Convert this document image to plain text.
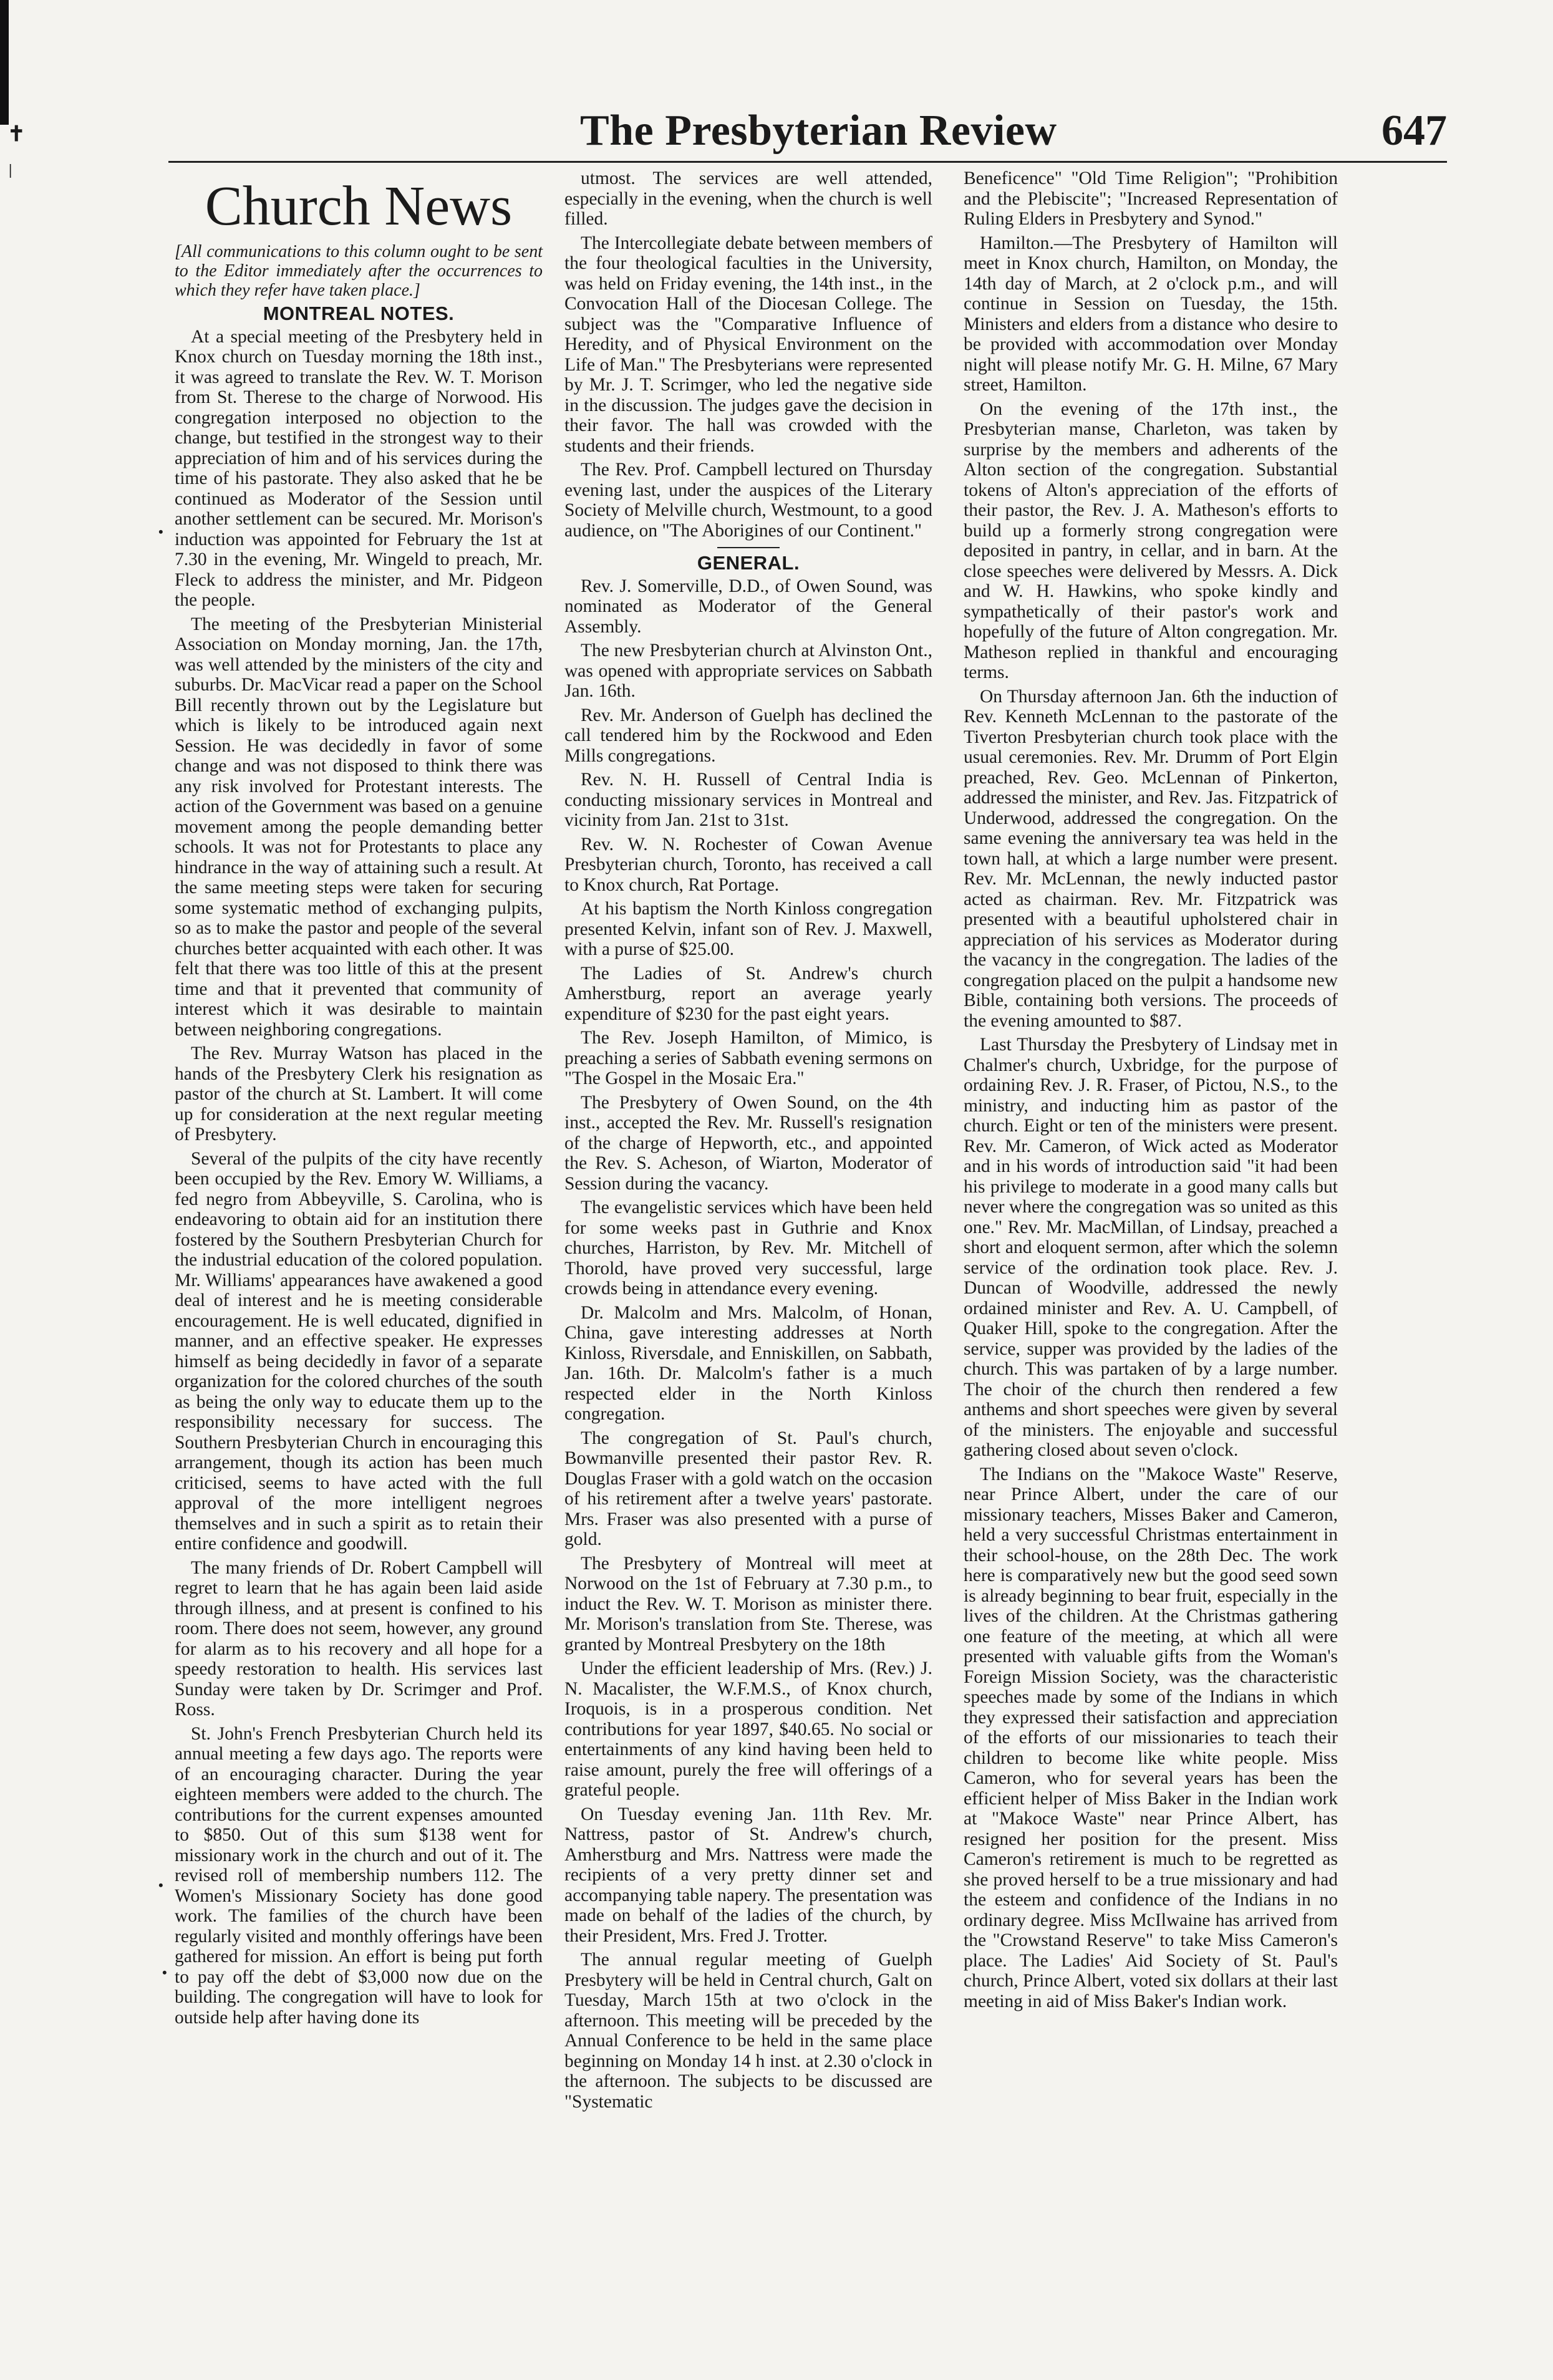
✝
|
•
•
•
The Presbyterian Review	647
Church News
[All communications to this column ought to be sent to the Editor immediately after the occurrences to which they refer have taken place.]
MONTREAL NOTES.

At a special meeting of the Presbytery held in Knox church on Tuesday morning the 18th inst., it was agreed to translate the Rev. W. T. Morison from St. Therese to the charge of Norwood. His congregation interposed no objection to the change, but testified in the strongest way to their appreciation of him and of his services during the time of his pastorate. They also asked that he be continued as Moderator of the Session until another settlement can be secured. Mr. Morison's induction was appointed for February the 1st at 7.30 in the evening, Mr. Wingeld to preach, Mr. Fleck to address the minister, and Mr. Pidgeon the people.

The meeting of the Presbyterian Ministerial Association on Monday morning, Jan. the 17th, was well attended by the ministers of the city and suburbs. Dr. MacVicar read a paper on the School Bill recently thrown out by the Legislature but which is likely to be introduced again next Session. He was decidedly in favor of some change and was not disposed to think there was any risk involved for Protestant interests. The action of the Government was based on a genuine movement among the people demanding better schools. It was not for Protestants to place any hindrance in the way of attaining such a result. At the same meeting steps were taken for securing some systematic method of exchanging pulpits, so as to make the pastor and people of the several churches better acquainted with each other. It was felt that there was too little of this at the present time and that it prevented that community of interest which it was desirable to maintain between neighboring congregations.

The Rev. Murray Watson has placed in the hands of the Presbytery Clerk his resignation as pastor of the church at St. Lambert. It will come up for consideration at the next regular meeting of Presbytery.

Several of the pulpits of the city have recently been occupied by the Rev. Emory W. Williams, a fed negro from Abbeyville, S. Carolina, who is endeavoring to obtain aid for an institution there fostered by the Southern Presbyterian Church for the industrial education of the colored population. Mr. Williams' appearances have awakened a good deal of interest and he is meeting considerable encouragement. He is well educated, dignified in manner, and an effective speaker. He expresses himself as being decidedly in favor of a separate organization for the colored churches of the south as being the only way to educate them up to the responsibility necessary for success. The Southern Presbyterian Church in encouraging this arrangement, though its action has been much criticised, seems to have acted with the full approval of the more intelligent negroes themselves and in such a spirit as to retain their entire confidence and goodwill.

The many friends of Dr. Robert Campbell will regret to learn that he has again been laid aside through illness, and at present is confined to his room. There does not seem, however, any ground for alarm as to his recovery and all hope for a speedy restoration to health. His services last Sunday were taken by Dr. Scrimger and Prof. Ross.

St. John's French Presbyterian Church held its annual meeting a few days ago. The reports were of an encouraging character. During the year eighteen members were added to the church. The contributions for the current expenses amounted to $850. Out of this sum $138 went for missionary work in the church and out of it. The revised roll of membership numbers 112. The Women's Missionary Society has done good work. The families of the church have been regularly visited and monthly offerings have been gathered for mission. An effort is being put forth to pay off the debt of $3,000 now due on the building. The congregation will have to look for outside help after having done its

utmost. The services are well attended, especially in the evening, when the church is well filled.

The Intercollegiate debate between members of the four theological faculties in the University, was held on Friday evening, the 14th inst., in the Convocation Hall of the Diocesan College. The subject was the "Comparative Influence of Heredity, and of Physical Environment on the Life of Man." The Presbyterians were represented by Mr. J. T. Scrimger, who led the negative side in the discussion. The judges gave the decision in their favor. The hall was crowded with the students and their friends.

The Rev. Prof. Campbell lectured on Thursday evening last, under the auspices of the Literary Society of Melville church, Westmount, to a good audience, on "The Aborigines of our Continent."

GENERAL.

Rev. J. Somerville, D.D., of Owen Sound, was nominated as Moderator of the General Assembly.

The new Presbyterian church at Alvinston Ont., was opened with appropriate services on Sabbath Jan. 16th.

Rev. Mr. Anderson of Guelph has declined the call tendered him by the Rockwood and Eden Mills congregations.

Rev. N. H. Russell of Central India is conducting missionary services in Montreal and vicinity from Jan. 21st to 31st.

Rev. W. N. Rochester of Cowan Avenue Presbyterian church, Toronto, has received a call to Knox church, Rat Portage.

At his baptism the North Kinloss congregation presented Kelvin, infant son of Rev. J. Maxwell, with a purse of $25.00.

The Ladies of St. Andrew's church Amherstburg, report an average yearly expenditure of $230 for the past eight years.

The Rev. Joseph Hamilton, of Mimico, is preaching a series of Sabbath evening sermons on "The Gospel in the Mosaic Era."

The Presbytery of Owen Sound, on the 4th inst., accepted the Rev. Mr. Russell's resignation of the charge of Hepworth, etc., and appointed the Rev. S. Acheson, of Wiarton, Moderator of Session during the vacancy.

The evangelistic services which have been held for some weeks past in Guthrie and Knox churches, Harriston, by Rev. Mr. Mitchell of Thorold, have proved very successful, large crowds being in attendance every evening.

Dr. Malcolm and Mrs. Malcolm, of Honan, China, gave interesting addresses at North Kinloss, Riversdale, and Enniskillen, on Sabbath, Jan. 16th. Dr. Malcolm's father is a much respected elder in the North Kinloss congregation.

The congregation of St. Paul's church, Bowmanville presented their pastor Rev. R. Douglas Fraser with a gold watch on the occasion of his retirement after a twelve years' pastorate. Mrs. Fraser was also presented with a purse of gold.

The Presbytery of Montreal will meet at Norwood on the 1st of February at 7.30 p.m., to induct the Rev. W. T. Morison as minister there. Mr. Morison's translation from Ste. Therese, was granted by Montreal Presbytery on the 18th

Under the efficient leadership of Mrs. (Rev.) J. N. Macalister, the W.F.M.S., of Knox church, Iroquois, is in a prosperous condition. Net contributions for year 1897, $40.65. No social or entertainments of any kind having been held to raise amount, purely the free will offerings of a grateful people.

On Tuesday evening Jan. 11th Rev. Mr. Nattress, pastor of St. Andrew's church, Amherstburg and Mrs. Nattress were made the recipients of a very pretty dinner set and accompanying table napery. The presentation was made on behalf of the ladies of the church, by their President, Mrs. Fred J. Trotter.

The annual regular meeting of Guelph Presbytery will be held in Central church, Galt on Tuesday, March 15th at two o'clock in the afternoon. This meeting will be preceded by the Annual Conference to be held in the same place beginning on Monday 14 h inst. at 2.30 o'clock in the afternoon. The subjects to be discussed are "Systematic

Beneficence" "Old Time Religion"; "Prohibition and the Plebiscite"; "Increased Representation of Ruling Elders in Presbytery and Synod."

Hamilton.—The Presbytery of Hamilton will meet in Knox church, Hamilton, on Monday, the 14th day of March, at 2 o'clock p.m., and will continue in Session on Tuesday, the 15th. Ministers and elders from a distance who desire to be provided with accommodation over Monday night will please notify Mr. G. H. Milne, 67 Mary street, Hamilton.

On the evening of the 17th inst., the Presbyterian manse, Charleton, was taken by surprise by the members and adherents of the Alton section of the congregation. Substantial tokens of Alton's appreciation of the efforts of their pastor, the Rev. J. A. Matheson's efforts to build up a formerly strong congregation were deposited in pantry, in cellar, and in barn. At the close speeches were delivered by Messrs. A. Dick and W. H. Hawkins, who spoke kindly and sympathetically of their pastor's work and hopefully of the future of Alton congregation. Mr. Matheson replied in thankful and encouraging terms.

On Thursday afternoon Jan. 6th the induction of Rev. Kenneth McLennan to the pastorate of the Tiverton Presbyterian church took place with the usual ceremonies. Rev. Mr. Drumm of Port Elgin preached, Rev. Geo. McLennan of Pinkerton, addressed the minister, and Rev. Jas. Fitzpatrick of Underwood, addressed the congregation. On the same evening the anniversary tea was held in the town hall, at which a large number were present. Rev. Mr. McLennan, the newly inducted pastor acted as chairman. Rev. Mr. Fitzpatrick was presented with a beautiful upholstered chair in appreciation of his services as Moderator during the vacancy in the congregation. The ladies of the congregation placed on the pulpit a handsome new Bible, containing both versions. The proceeds of the evening amounted to $87.

Last Thursday the Presbytery of Lindsay met in Chalmer's church, Uxbridge, for the purpose of ordaining Rev. J. R. Fraser, of Pictou, N.S., to the ministry, and inducting him as pastor of the church. Eight or ten of the ministers were present. Rev. Mr. Cameron, of Wick acted as Moderator and in his words of introduction said "it had been his privilege to moderate in a good many calls but never where the congregation was so united as this one." Rev. Mr. MacMillan, of Lindsay, preached a short and eloquent sermon, after which the solemn service of the ordination took place. Rev. J. Duncan of Woodville, addressed the newly ordained minister and Rev. A. U. Campbell, of Quaker Hill, spoke to the congregation. After the service, supper was provided by the ladies of the church. This was partaken of by a large number. The choir of the church then rendered a few anthems and short speeches were given by several of the ministers. The enjoyable and successful gathering closed about seven o'clock.

The Indians on the "Makoce Waste" Reserve, near Prince Albert, under the care of our missionary teachers, Misses Baker and Cameron, held a very successful Christmas entertainment in their school-house, on the 28th Dec. The work here is comparatively new but the good seed sown is already beginning to bear fruit, especially in the lives of the children. At the Christmas gathering one feature of the meeting, at which all were presented with valuable gifts from the Woman's Foreign Mission Society, was the characteristic speeches made by some of the Indians in which they expressed their satisfaction and appreciation of the efforts of our missionaries to teach their children to become like white people. Miss Cameron, who for several years has been the efficient helper of Miss Baker in the Indian work at "Makoce Waste" near Prince Albert, has resigned her position for the present. Miss Cameron's retirement is much to be regretted as she proved herself to be a true missionary and had the esteem and confidence of the Indians in no ordinary degree. Miss McIlwaine has arrived from the "Crowstand Reserve" to take Miss Cameron's place. The Ladies' Aid Society of St. Paul's church, Prince Albert, voted six dollars at their last meeting in aid of Miss Baker's Indian work.
